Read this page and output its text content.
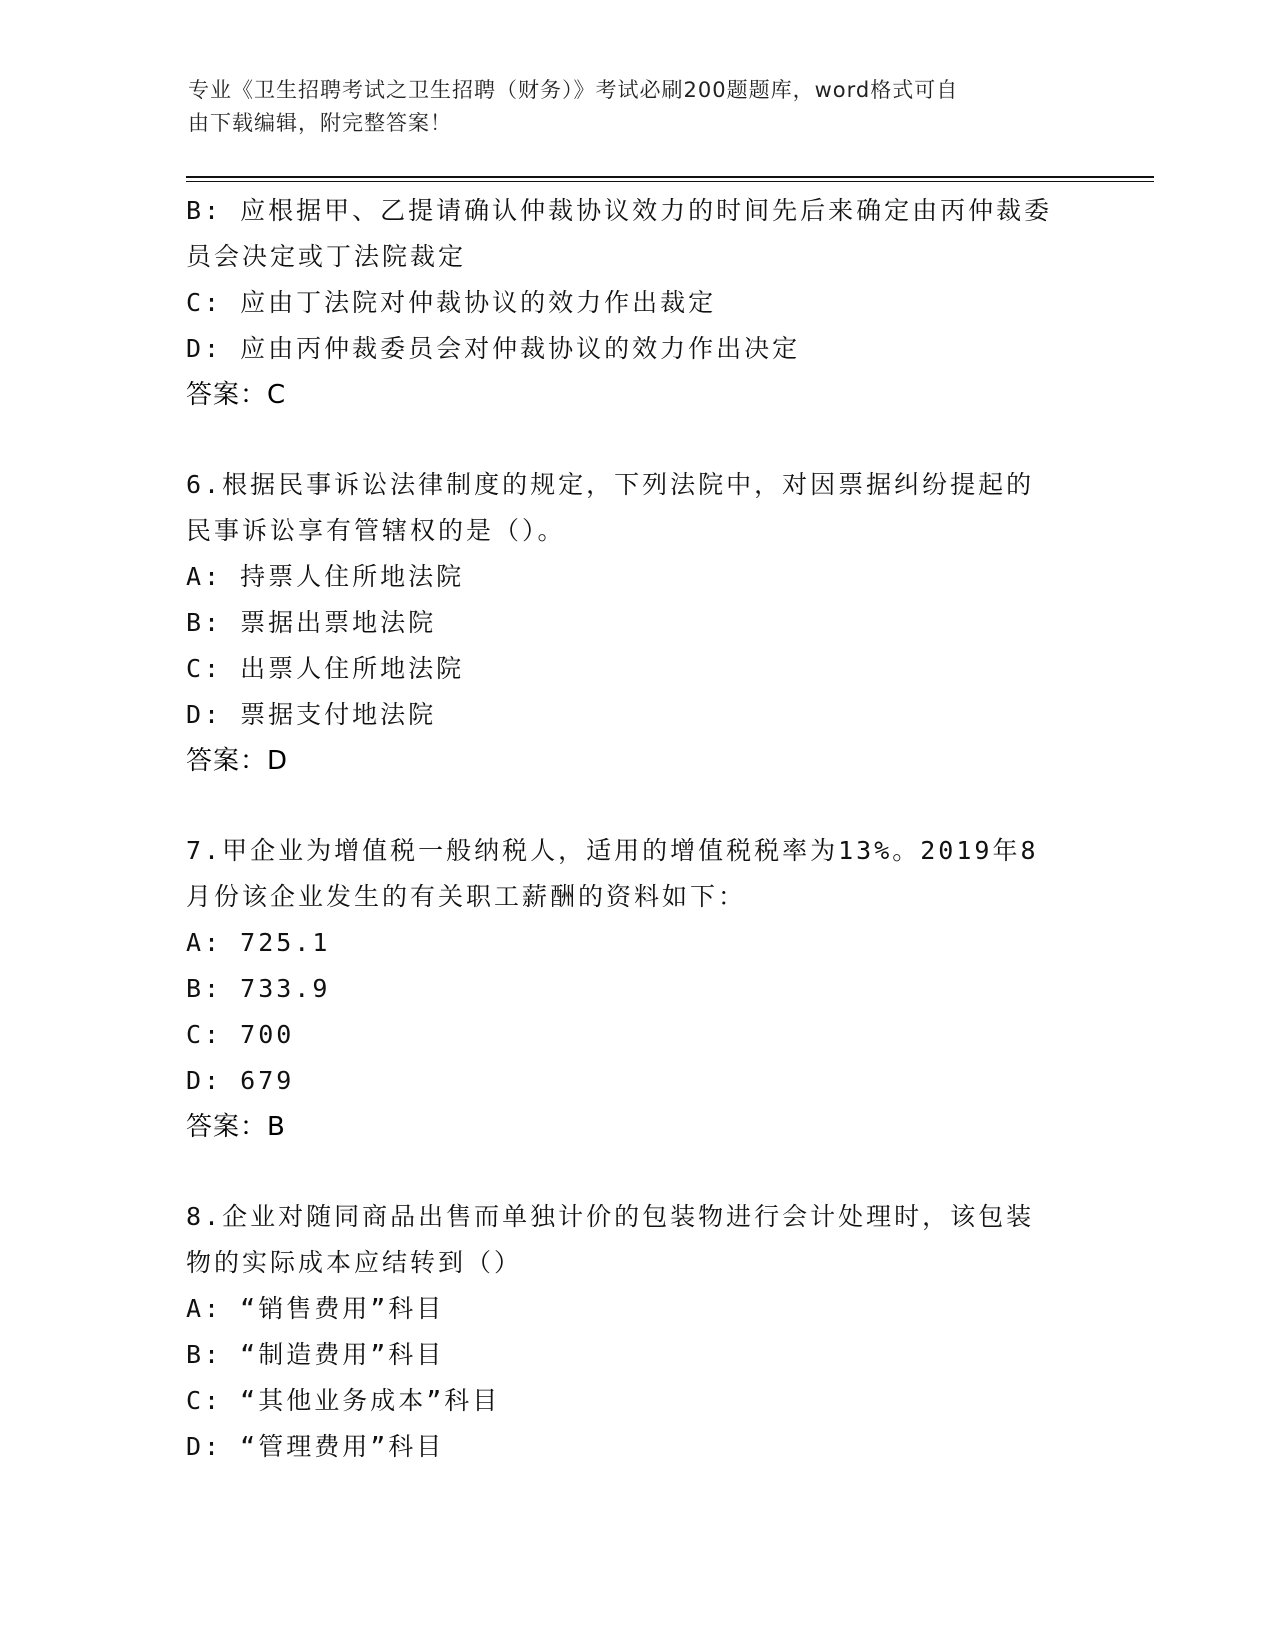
专业《卫生招聘考试之卫生招聘（财务）》考试必刷200题题库，word格式可自
由下载编辑，附完整答案！
B: 应根据甲、乙提请确认仲裁协议效力的时间先后来确定由丙仲裁委
员会决定或丁法院裁定
C: 应由丁法院对仲裁协议的效力作出裁定
D: 应由丙仲裁委员会对仲裁协议的效力作出决定
答案：C
6.根据民事诉讼法律制度的规定，下列法院中，对因票据纠纷提起的
民事诉讼享有管辖权的是（）。
A: 持票人住所地法院
B: 票据出票地法院
C: 出票人住所地法院
D: 票据支付地法院
答案：D
7.甲企业为增值税一般纳税人，适用的增值税税率为13%。2019年8
月份该企业发生的有关职工薪酬的资料如下：
A: 725.1
B: 733.9
C: 700
D: 679
答案：B
8.企业对随同商品出售而单独计价的包装物进行会计处理时，该包装
物的实际成本应结转到（）
A: “销售费用”科目
B: “制造费用”科目
C: “其他业务成本”科目
D: “管理费用”科目
